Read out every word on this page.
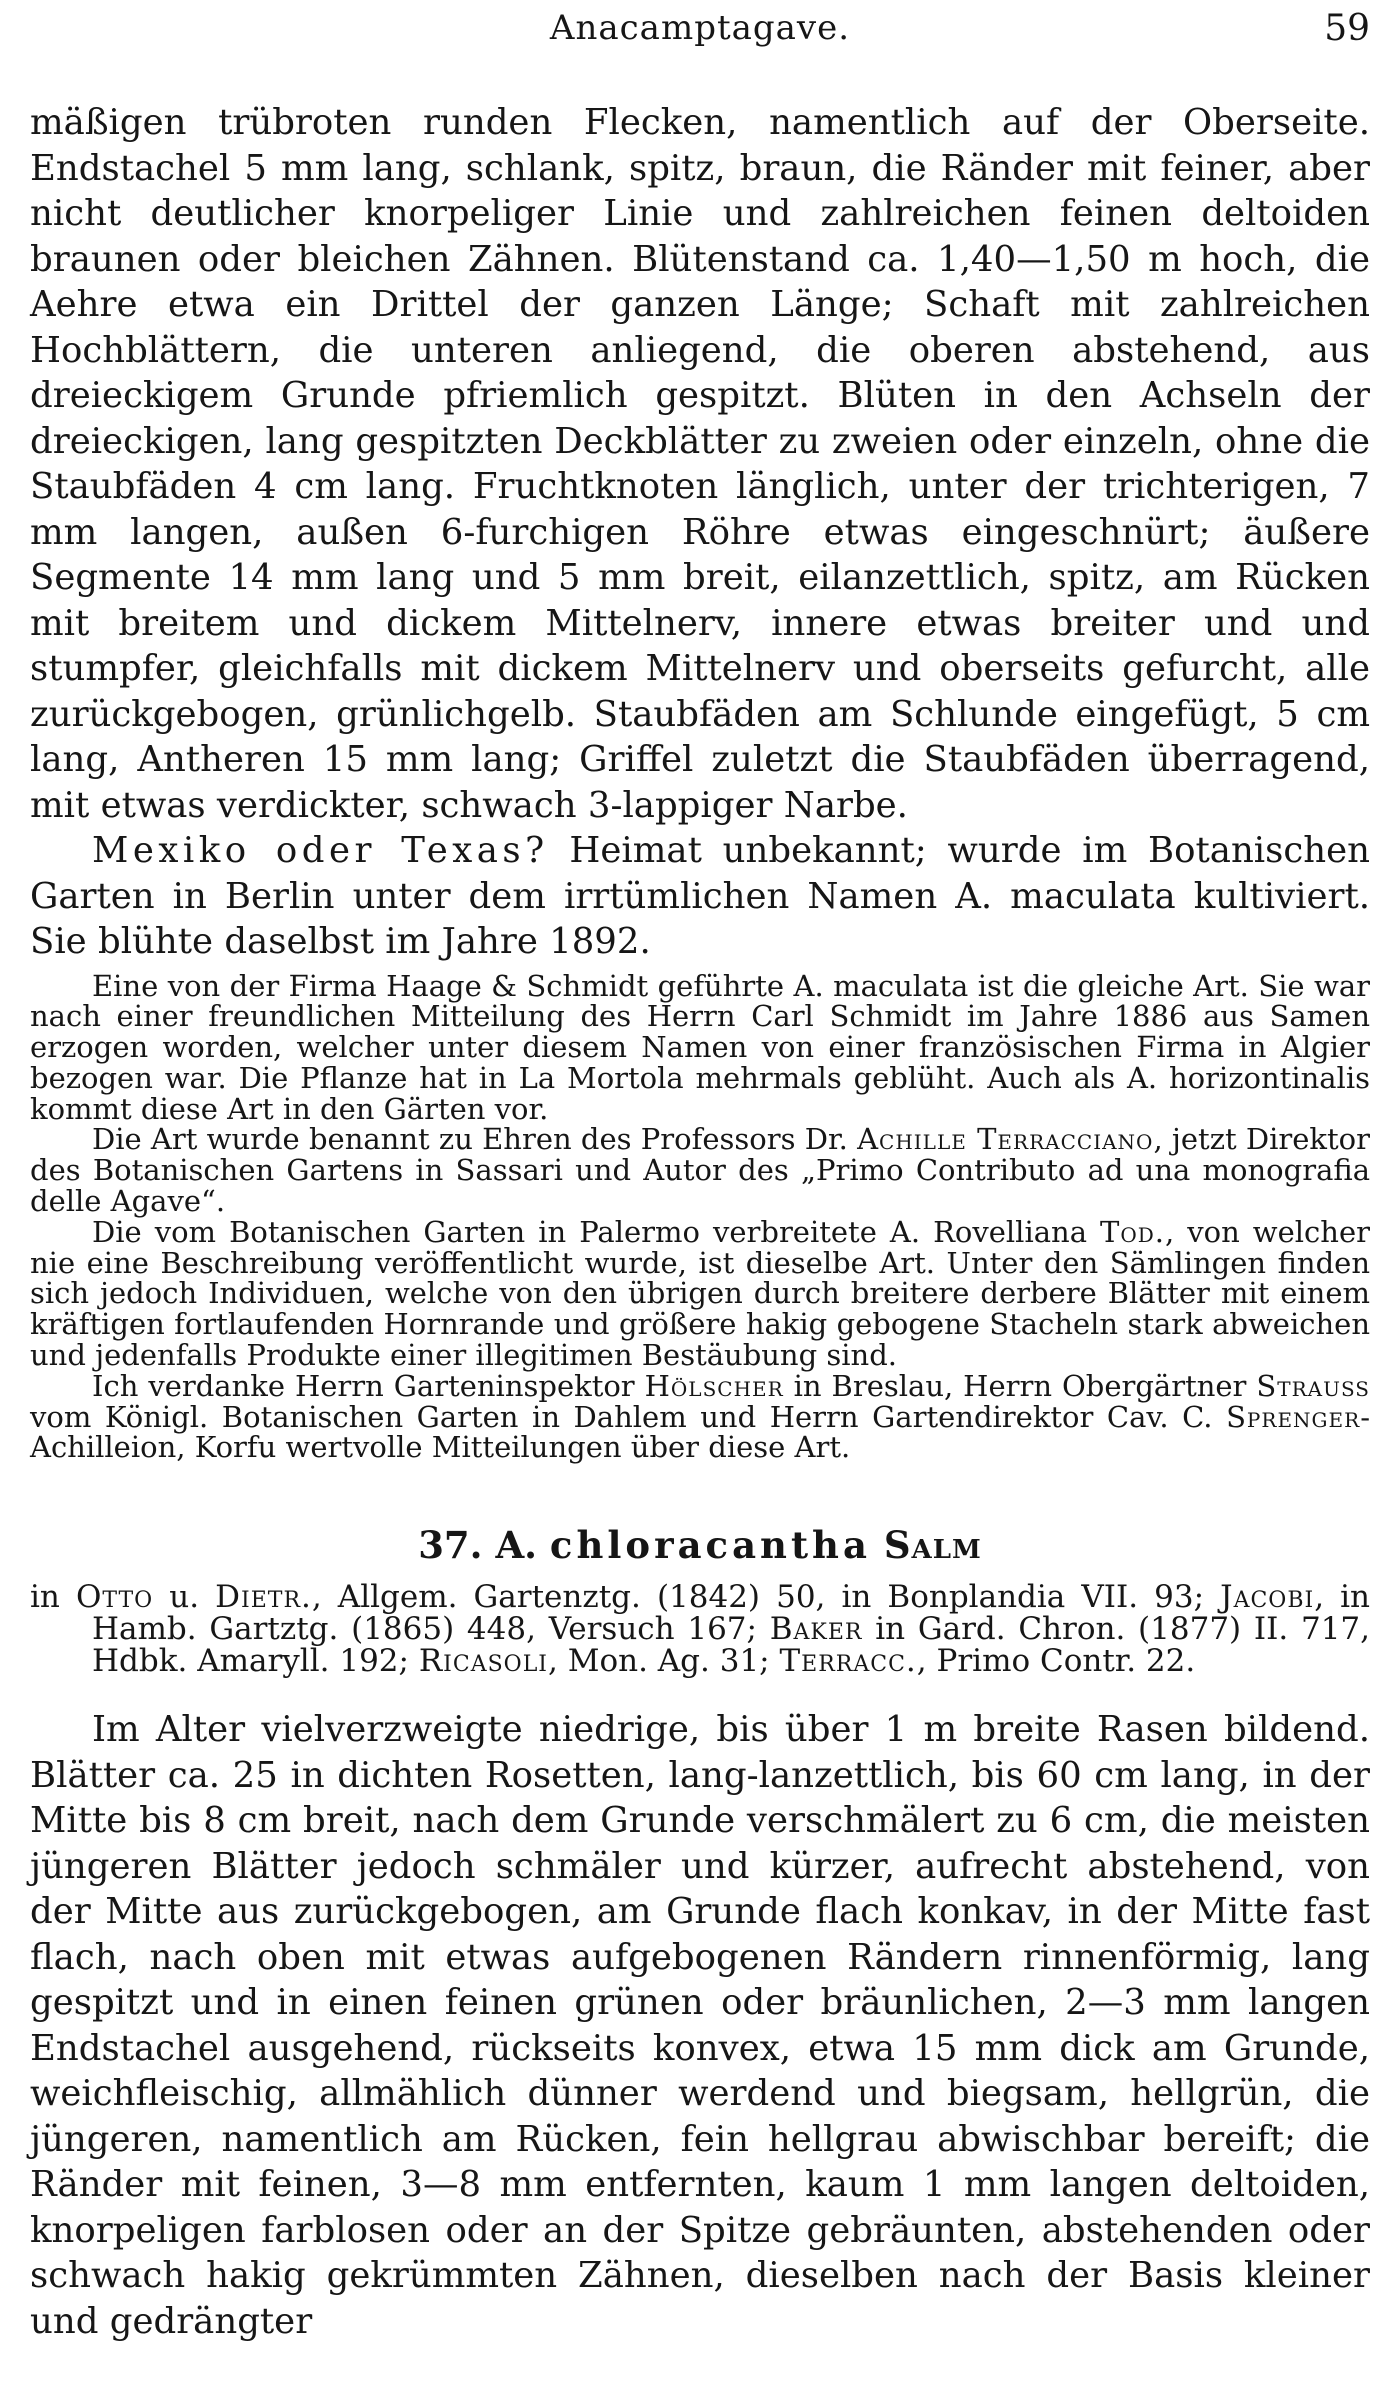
Anacamptagave.	59

mäßigen trübroten runden Flecken, namentlich auf der Oberseite. Endstachel 5 mm lang, schlank, spitz, braun, die Ränder mit feiner, aber nicht deutlicher knorpeliger Linie und zahlreichen feinen deltoiden braunen oder bleichen Zähnen. Blütenstand ca. 1,40—1,50 m hoch, die Aehre etwa ein Drittel der ganzen Länge; Schaft mit zahlreichen Hochblättern, die unteren anliegend, die oberen abstehend, aus dreieckigem Grunde pfriemlich gespitzt. Blüten in den Achseln der dreieckigen, lang gespitzten Deckblätter zu zweien oder einzeln, ohne die Staubfäden 4 cm lang. Fruchtknoten länglich, unter der trichterigen, 7 mm langen, außen 6-furchigen Röhre etwas eingeschnürt; äußere Segmente 14 mm lang und 5 mm breit, eilanzettlich, spitz, am Rücken mit breitem und dickem Mittelnerv, innere etwas breiter und und stumpfer, gleichfalls mit dickem Mittelnerv und oberseits gefurcht, alle zurückgebogen, grünlichgelb. Staubfäden am Schlunde eingefügt, 5 cm lang, Antheren 15 mm lang; Griffel zuletzt die Staubfäden überragend, mit etwas verdickter, schwach 3-lappiger Narbe.

Mexiko oder Texas? Heimat unbekannt; wurde im Botanischen Garten in Berlin unter dem irrtümlichen Namen A. maculata kultiviert. Sie blühte daselbst im Jahre 1892.

Eine von der Firma Haage & Schmidt geführte A. maculata ist die gleiche Art. Sie war nach einer freundlichen Mitteilung des Herrn Carl Schmidt im Jahre 1886 aus Samen erzogen worden, welcher unter diesem Namen von einer französischen Firma in Algier bezogen war. Die Pflanze hat in La Mortola mehrmals geblüht. Auch als A. horizontinalis kommt diese Art in den Gärten vor.

Die Art wurde benannt zu Ehren des Professors Dr. Achille Terracciano, jetzt Direktor des Botanischen Gartens in Sassari und Autor des „Primo Contributo ad una monografia delle Agave“.

Die vom Botanischen Garten in Palermo verbreitete A. Rovelliana Tod., von welcher nie eine Beschreibung veröffentlicht wurde, ist dieselbe Art. Unter den Sämlingen finden sich jedoch Individuen, welche von den übrigen durch breitere derbere Blätter mit einem kräftigen fortlaufenden Hornrande und größere hakig gebogene Stacheln stark abweichen und jedenfalls Produkte einer illegitimen Bestäubung sind.

Ich verdanke Herrn Garteninspektor Hölscher in Breslau, Herrn Obergärtner Strauss vom Königl. Botanischen Garten in Dahlem und Herrn Gartendirektor Cav. C. Sprenger-Achilleion, Korfu wertvolle Mitteilungen über diese Art.

37. A. chloracantha Salm

in Otto u. Dietr., Allgem. Gartenztg. (1842) 50, in Bonplandia VII. 93; Jacobi, in Hamb. Gartztg. (1865) 448, Versuch 167; Baker in Gard. Chron. (1877) II. 717, Hdbk. Amaryll. 192; Ricasoli, Mon. Ag. 31; Terracc., Primo Contr. 22.

Im Alter vielverzweigte niedrige, bis über 1 m breite Rasen bildend. Blätter ca. 25 in dichten Rosetten, lang-lanzettlich, bis 60 cm lang, in der Mitte bis 8 cm breit, nach dem Grunde verschmälert zu 6 cm, die meisten jüngeren Blätter jedoch schmäler und kürzer, aufrecht abstehend, von der Mitte aus zurückgebogen, am Grunde flach konkav, in der Mitte fast flach, nach oben mit etwas aufgebogenen Rändern rinnenförmig, lang gespitzt und in einen feinen grünen oder bräunlichen, 2—3 mm langen Endstachel ausgehend, rückseits konvex, etwa 15 mm dick am Grunde, weichfleischig, allmählich dünner werdend und biegsam, hellgrün, die jüngeren, namentlich am Rücken, fein hellgrau abwischbar bereift; die Ränder mit feinen, 3—8 mm entfernten, kaum 1 mm langen deltoiden, knorpeligen farblosen oder an der Spitze gebräunten, abstehenden oder schwach hakig gekrümmten Zähnen, dieselben nach der Basis kleiner und gedrängter
